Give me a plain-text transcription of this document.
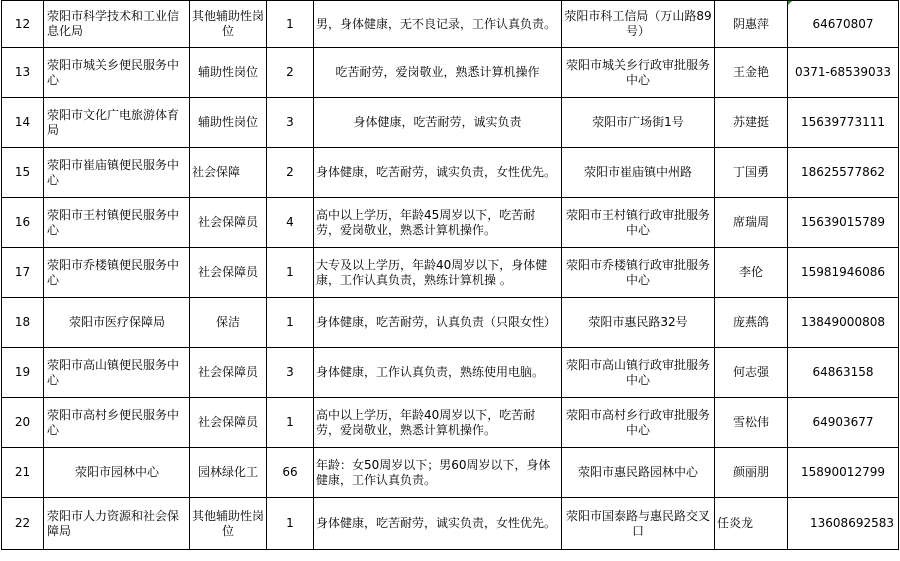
12	荥阳市科学技术和工业信息化局	其他辅助性岗位	1	男，身体健康，无不良记录，工作认真负责。	荥阳市科工信局（万山路89号）	阴惠萍	64670807
13	荥阳市城关乡便民服务中心	辅助性岗位	2	吃苦耐劳，爱岗敬业，熟悉计算机操作	荥阳市城关乡行政审批服务中心	王金艳	0371-68539033
14	荥阳市文化广电旅游体育局	辅助性岗位	3	身体健康，吃苦耐劳，诚实负责	荥阳市广场街1号	苏建挺	15639773111
15	荥阳市崔庙镇便民服务中心	社会保障	2	身体健康，吃苦耐劳，诚实负责，女性优先。	荥阳市崔庙镇中州路	丁国勇	18625577862
16	荥阳市王村镇便民服务中心	社会保障员	4	高中以上学历，年龄45周岁以下，吃苦耐劳，爱岗敬业，熟悉计算机操作。	荥阳市王村镇行政审批服务中心	席瑞周	15639015789
17	荥阳市乔楼镇便民服务中心	社会保障员	1	大专及以上学历，年龄40周岁以下，身体健康，工作认真负责，熟练计算机操 。	荥阳市乔楼镇行政审批服务中心	李伦	15981946086
18	荥阳市医疗保障局	保洁	1	身体健康，吃苦耐劳，认真负责（只限女性）	荥阳市惠民路32号	庞燕鸽	13849000808
19	荥阳市高山镇便民服务中心	社会保障员	3	身体健康，工作认真负责，熟练使用电脑。	荥阳市高山镇行政审批服务中心	何志强	64863158
20	荥阳市高村乡便民服务中心	社会保障员	1	高中以上学历，年龄40周岁以下，吃苦耐劳，爱岗敬业，熟悉计算机操作。	荥阳市高村乡行政审批服务中心	雪松伟	64903677
21	荥阳市园林中心	园林绿化工	66	年龄：女50周岁以下；男60周岁以下，身体健康，工作认真负责。	荥阳市惠民路园林中心	颜丽朋	15890012799
22	荥阳市人力资源和社会保障局	其他辅助性岗位	1	身体健康，吃苦耐劳，诚实负责，女性优先。	荥阳市国泰路与惠民路交叉口	任炎龙	13608692583
